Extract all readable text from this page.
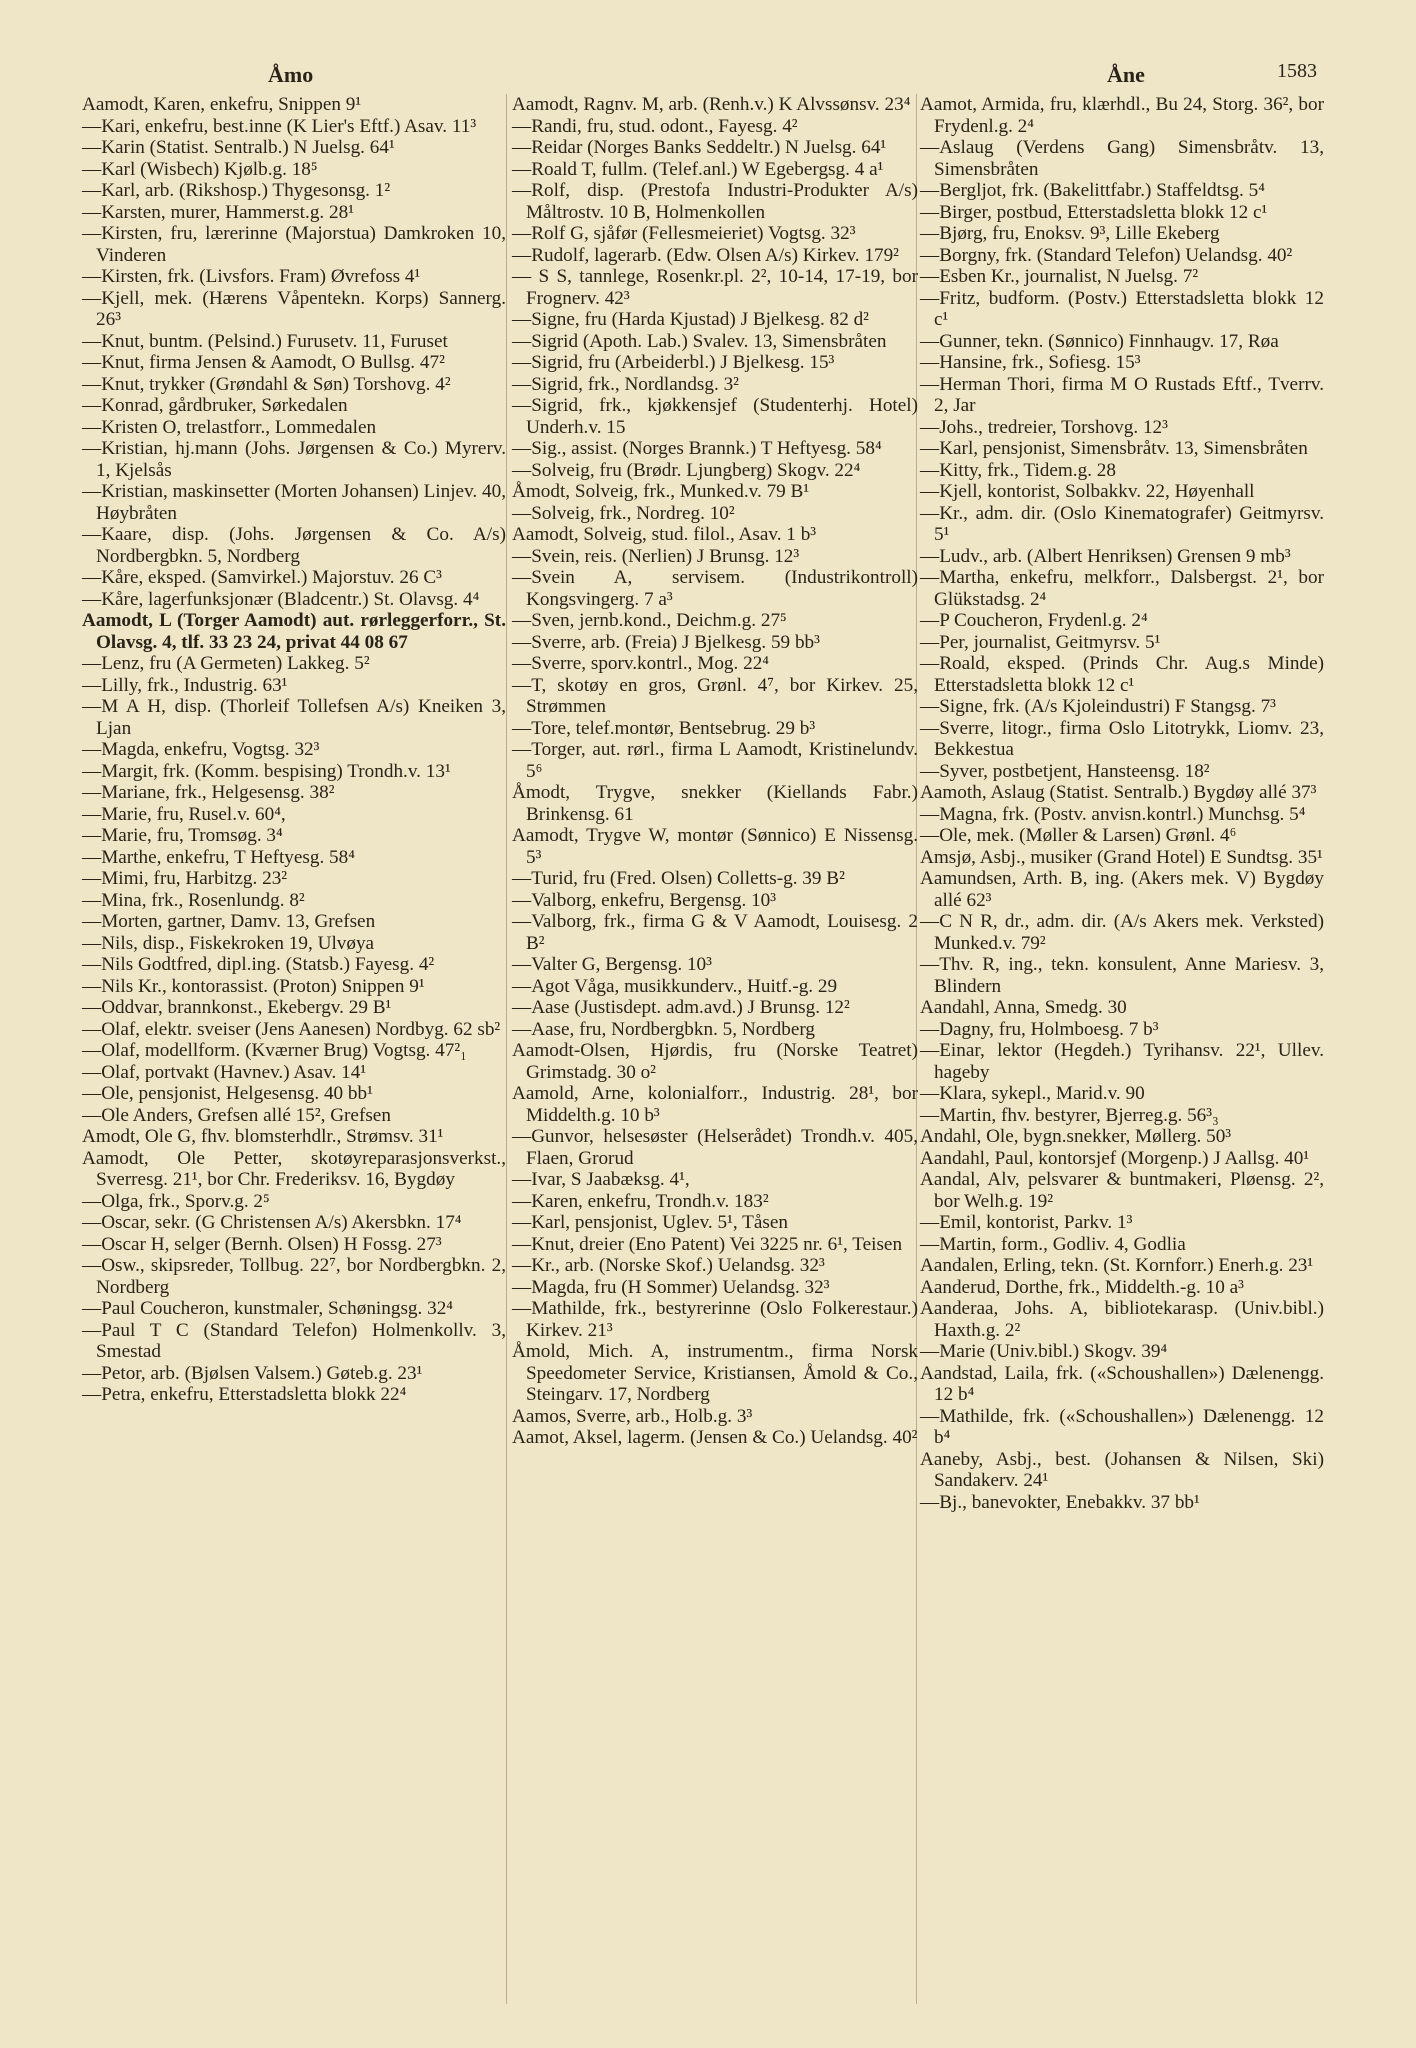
Åmo	Åne	1583

Aamodt, Karen, enkefru, Snippen 9¹

—Kari, enkefru, best.inne (K Lier's Eftf.) Asav. 11³

—Karin (Statist. Sentralb.) N Juelsg. 64¹

—Karl (Wisbech) Kjølb.g. 18⁵

—Karl, arb. (Rikshosp.) Thygesonsg. 1²

—Karsten, murer, Hammerst.g. 28¹

—Kirsten, fru, lærerinne (Majorstua) Damkroken 10, Vinderen

—Kirsten, frk. (Livsfors. Fram) Øvrefoss 4¹

—Kjell, mek. (Hærens Våpentekn. Korps) Sannerg. 26³

—Knut, buntm. (Pelsind.) Furusetv. 11, Furuset

—Knut, firma Jensen & Aamodt, O Bullsg. 47²

—Knut, trykker (Grøndahl & Søn) Torshovg. 4²

—Konrad, gårdbruker, Sørkedalen

—Kristen O, trelastforr., Lommedalen

—Kristian, hj.mann (Johs. Jørgensen & Co.) Myrerv. 1, Kjelsås

—Kristian, maskinsetter (Morten Johansen) Linjev. 40, Høybråten

—Kaare, disp. (Johs. Jørgensen & Co. A/s) Nordbergbkn. 5, Nordberg

—Kåre, eksped. (Samvirkel.) Majorstuv. 26 C³

—Kåre, lagerfunksjonær (Bladcentr.) St. Olavsg. 4⁴

Aamodt, L (Torger Aamodt) aut. rørleggerforr., St. Olavsg. 4, tlf. 33 23 24, privat 44 08 67

—Lenz, fru (A Germeten) Lakkeg. 5²

—Lilly, frk., Industrig. 63¹

—M A H, disp. (Thorleif Tollefsen A/s) Kneiken 3, Ljan

—Magda, enkefru, Vogtsg. 32³

—Margit, frk. (Komm. bespising) Trondh.v. 13¹

—Mariane, frk., Helgesensg. 38²

—Marie, fru, Rusel.v. 60⁴,

—Marie, fru, Tromsøg. 3⁴

—Marthe, enkefru, T Heftyesg. 58⁴

—Mimi, fru, Harbitzg. 23²

—Mina, frk., Rosenlundg. 8²

—Morten, gartner, Damv. 13, Grefsen

—Nils, disp., Fiskekroken 19, Ulvøya

—Nils Godtfred, dipl.ing. (Statsb.) Fayesg. 4²

—Nils Kr., kontorassist. (Proton) Snippen 9¹

—Oddvar, brannkonst., Ekebergv. 29 B¹

—Olaf, elektr. sveiser (Jens Aanesen) Nordbyg. 62 sb²

—Olaf, modellform. (Kværner Brug) Vogtsg. 47²₁

—Olaf, portvakt (Havnev.) Asav. 14¹

—Ole, pensjonist, Helgesensg. 40 bb¹

—Ole Anders, Grefsen allé 15², Grefsen

Amodt, Ole G, fhv. blomsterhdlr., Strømsv. 31¹

Aamodt, Ole Petter, skotøyreparasjonsverkst., Sverresg. 21¹, bor Chr. Frederiksv. 16, Bygdøy

—Olga, frk., Sporv.g. 2⁵

—Oscar, sekr. (G Christensen A/s) Akersbkn. 17⁴

—Oscar H, selger (Bernh. Olsen) H Fossg. 27³

—Osw., skipsreder, Tollbug. 22⁷, bor Nordbergbkn. 2, Nordberg

—Paul Coucheron, kunstmaler, Schøningsg. 32⁴

—Paul T C (Standard Telefon) Holmenkollv. 3, Smestad

—Petor, arb. (Bjølsen Valsem.) Gøteb.g. 23¹

—Petra, enkefru, Etterstadsletta blokk 22⁴

Aamodt, Ragnv. M, arb. (Renh.v.) K Alvssønsv. 23⁴

—Randi, fru, stud. odont., Fayesg. 4²

—Reidar (Norges Banks Seddeltr.) N Juelsg. 64¹

—Roald T, fullm. (Telef.anl.) W Egebergsg. 4 a¹

—Rolf, disp. (Prestofa Industri-Produkter A/s) Måltrostv. 10 B, Holmenkollen

—Rolf G, sjåfør (Fellesmeieriet) Vogtsg. 32³

—Rudolf, lagerarb. (Edw. Olsen A/s) Kirkev. 179²

— S S, tannlege, Rosenkr.pl. 2², 10-14, 17-19, bor Frognerv. 42³

—Signe, fru (Harda Kjustad) J Bjelkesg. 82 d²

—Sigrid (Apoth. Lab.) Svalev. 13, Simensbråten

—Sigrid, fru (Arbeiderbl.) J Bjelkesg. 15³

—Sigrid, frk., Nordlandsg. 3²

—Sigrid, frk., kjøkkensjef (Studenterhj. Hotel) Underh.v. 15

—Sig., assist. (Norges Brannk.) T Heftyesg. 58⁴

—Solveig, fru (Brødr. Ljungberg) Skogv. 22⁴

Åmodt, Solveig, frk., Munked.v. 79 B¹

—Solveig, frk., Nordreg. 10²

Aamodt, Solveig, stud. filol., Asav. 1 b³

—Svein, reis. (Nerlien) J Brunsg. 12³

—Svein A, servisem. (Industrikontroll) Kongsvingerg. 7 a³

—Sven, jernb.kond., Deichm.g. 27⁵

—Sverre, arb. (Freia) J Bjelkesg. 59 bb³

—Sverre, sporv.kontrl., Mog. 22⁴

—T, skotøy en gros, Grønl. 4⁷, bor Kirkev. 25, Strømmen

—Tore, telef.montør, Bentsebrug. 29 b³

—Torger, aut. rørl., firma L Aamodt, Kristinelundv. 5⁶

Åmodt, Trygve, snekker (Kiellands Fabr.) Brinkensg. 61

Aamodt, Trygve W, montør (Sønnico) E Nissensg. 5³

—Turid, fru (Fred. Olsen) Colletts-g. 39 B²

—Valborg, enkefru, Bergensg. 10³

—Valborg, frk., firma G & V Aamodt, Louisesg. 2 B²

—Valter G, Bergensg. 10³

—Agot Våga, musikkunderv., Huitf.-g. 29

—Aase (Justisdept. adm.avd.) J Brunsg. 12²

—Aase, fru, Nordbergbkn. 5, Nordberg

Aamodt-Olsen, Hjørdis, fru (Norske Teatret) Grimstadg. 30 o²

Aamold, Arne, kolonialforr., Industrig. 28¹, bor Middelth.g. 10 b³

—Gunvor, helsesøster (Helserådet) Trondh.v. 405, Flaen, Grorud

—Ivar, S Jaabæksg. 4¹,

—Karen, enkefru, Trondh.v. 183²

—Karl, pensjonist, Uglev. 5¹, Tåsen

—Knut, dreier (Eno Patent) Vei 3225 nr. 6¹, Teisen

—Kr., arb. (Norske Skof.) Uelandsg. 32³

—Magda, fru (H Sommer) Uelandsg. 32³

—Mathilde, frk., bestyrerinne (Oslo Folkerestaur.) Kirkev. 21³

Åmold, Mich. A, instrumentm., firma Norsk Speedometer Service, Kristiansen, Åmold & Co., Steingarv. 17, Nordberg

Aamos, Sverre, arb., Holb.g. 3³

Aamot, Aksel, lagerm. (Jensen & Co.) Uelandsg. 40²

Aamot, Armida, fru, klærhdl., Bu 24, Storg. 36², bor Frydenl.g. 2⁴

—Aslaug (Verdens Gang) Simensbråtv. 13, Simensbråten

—Bergljot, frk. (Bakelittfabr.) Staffeldtsg. 5⁴

—Birger, postbud, Etterstadsletta blokk 12 c¹

—Bjørg, fru, Enoksv. 9³, Lille Ekeberg

—Borgny, frk. (Standard Telefon) Uelandsg. 40²

—Esben Kr., journalist, N Juelsg. 7²

—Fritz, budform. (Postv.) Etterstadsletta blokk 12 c¹

—Gunner, tekn. (Sønnico) Finnhaugv. 17, Røa

—Hansine, frk., Sofiesg. 15³

—Herman Thori, firma M O Rustads Eftf., Tverrv. 2, Jar

—Johs., tredreier, Torshovg. 12³

—Karl, pensjonist, Simensbråtv. 13, Simensbråten

—Kitty, frk., Tidem.g. 28

—Kjell, kontorist, Solbakkv. 22, Høyenhall

—Kr., adm. dir. (Oslo Kinematografer) Geitmyrsv. 5¹

—Ludv., arb. (Albert Henriksen) Grensen 9 mb³

—Martha, enkefru, melkforr., Dalsbergst. 2¹, bor Glükstadsg. 2⁴

—P Coucheron, Frydenl.g. 2⁴

—Per, journalist, Geitmyrsv. 5¹

—Roald, eksped. (Prinds Chr. Aug.s Minde) Etterstadsletta blokk 12 c¹

—Signe, frk. (A/s Kjoleindustri) F Stangsg. 7³

—Sverre, litogr., firma Oslo Litotrykk, Liomv. 23, Bekkestua

—Syver, postbetjent, Hansteensg. 18²

Aamoth, Aslaug (Statist. Sentralb.) Bygdøy allé 37³

—Magna, frk. (Postv. anvisn.kontrl.) Munchsg. 5⁴

—Ole, mek. (Møller & Larsen) Grønl. 4⁶

Amsjø, Asbj., musiker (Grand Hotel) E Sundtsg. 35¹

Aamundsen, Arth. B, ing. (Akers mek. V) Bygdøy allé 62³

—C N R, dr., adm. dir. (A/s Akers mek. Verksted) Munked.v. 79²

—Thv. R, ing., tekn. konsulent, Anne Mariesv. 3, Blindern

Aandahl, Anna, Smedg. 30

—Dagny, fru, Holmboesg. 7 b³

—Einar, lektor (Hegdeh.) Tyrihansv. 22¹, Ullev. hageby

—Klara, sykepl., Marid.v. 90

—Martin, fhv. bestyrer, Bjerreg.g. 56³₃

Andahl, Ole, bygn.snekker, Møllerg. 50³

Aandahl, Paul, kontorsjef (Morgenp.) J Aallsg. 40¹

Aandal, Alv, pelsvarer & buntmakeri, Pløensg. 2², bor Welh.g. 19²

—Emil, kontorist, Parkv. 1³

—Martin, form., Godliv. 4, Godlia

Aandalen, Erling, tekn. (St. Kornforr.) Enerh.g. 23¹

Aanderud, Dorthe, frk., Middelth.-g. 10 a³

Aanderaa, Johs. A, bibliotekarasp. (Univ.bibl.) Haxth.g. 2²

—Marie (Univ.bibl.) Skogv. 39⁴

Aandstad, Laila, frk. («Schoushallen») Dælenengg. 12 b⁴

—Mathilde, frk. («Schoushallen») Dælenengg. 12 b⁴

Aaneby, Asbj., best. (Johansen & Nilsen, Ski) Sandakerv. 24¹

—Bj., banevokter, Enebakkv. 37 bb¹
